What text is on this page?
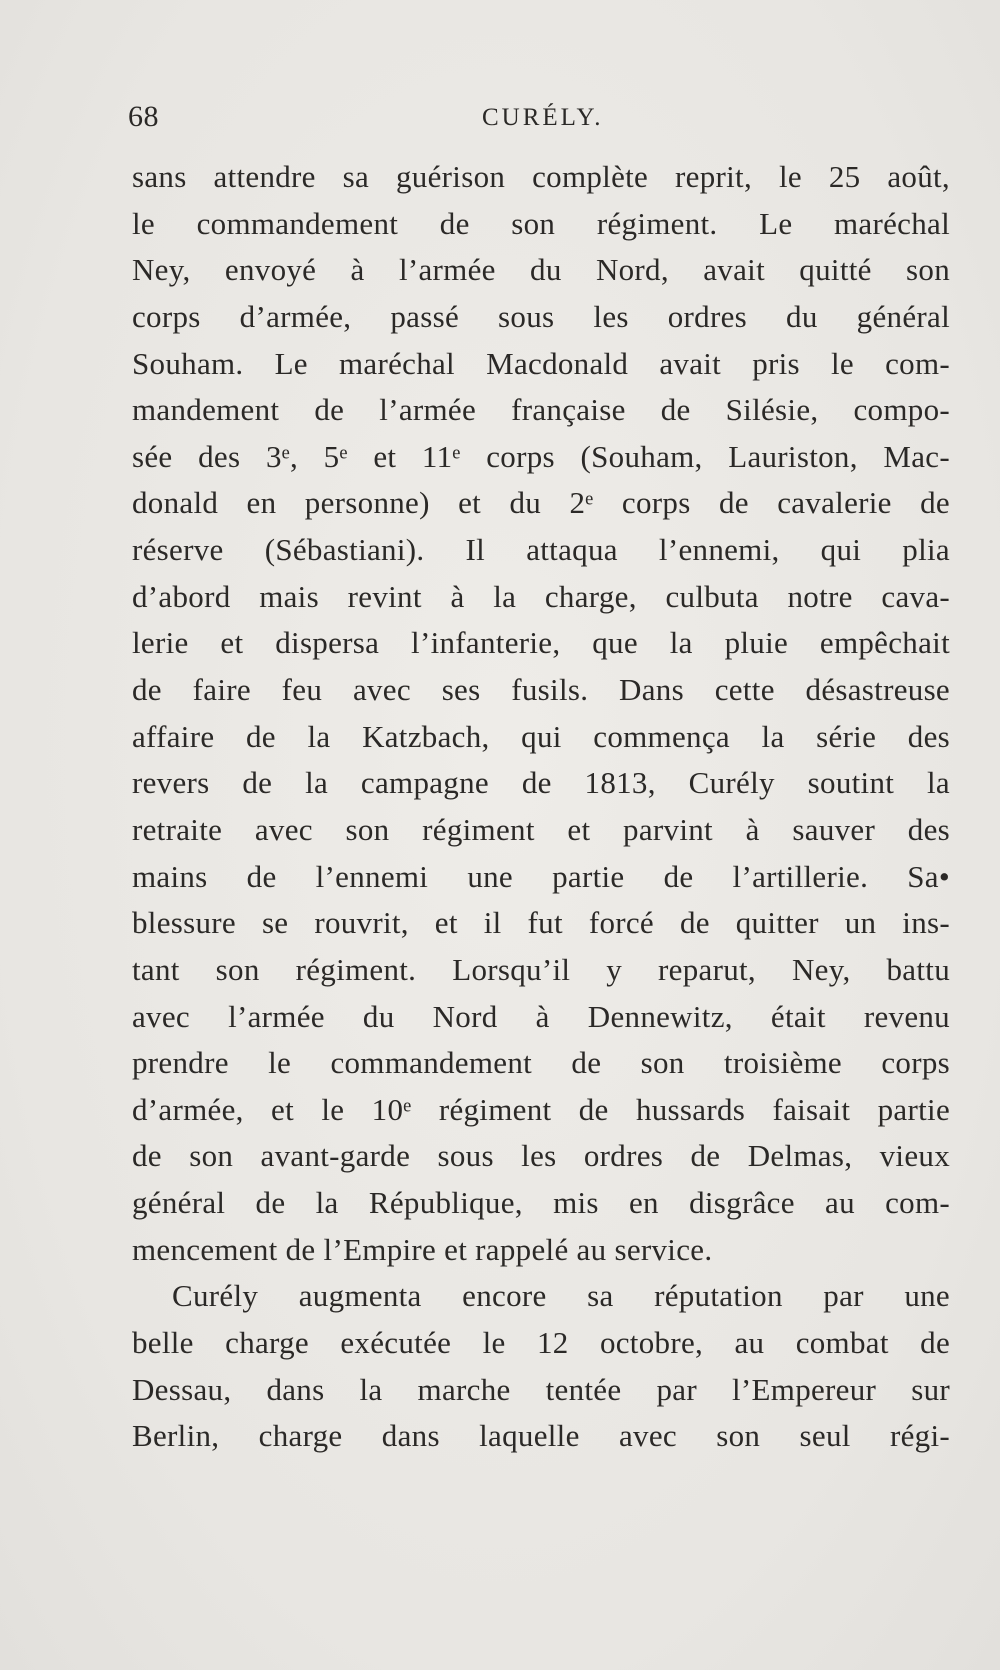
68	CURÉLY.
sans attendre sa guérison complète reprit, le 25 août,
le commandement de son régiment. Le maréchal
Ney, envoyé à l’armée du Nord, avait quitté son
corps d’armée, passé sous les ordres du général
Souham. Le maréchal Macdonald avait pris le com-
mandement de l’armée française de Silésie, compo-
sée des 3ᵉ, 5ᵉ et 11ᵉ corps (Souham, Lauriston, Mac-
donald en personne) et du 2ᵉ corps de cavalerie de
réserve (Sébastiani). Il attaqua l’ennemi, qui plia
d’abord mais revint à la charge, culbuta notre cava-
lerie et dispersa l’infanterie, que la pluie empêchait
de faire feu avec ses fusils. Dans cette désastreuse
affaire de la Katzbach, qui commença la série des
revers de la campagne de 1813, Curély soutint la
retraite avec son régiment et parvint à sauver des
mains de l’ennemi une partie de l’artillerie. Sa•
blessure se rouvrit, et il fut forcé de quitter un ins-
tant son régiment. Lorsqu’il y reparut, Ney, battu
avec l’armée du Nord à Dennewitz, était revenu
prendre le commandement de son troisième corps
d’armée, et le 10ᵉ régiment de hussards faisait partie
de son avant-garde sous les ordres de Delmas, vieux
général de la République, mis en disgrâce au com-
mencement de l’Empire et rappelé au service.
Curély augmenta encore sa réputation par une
belle charge exécutée le 12 octobre, au combat de
Dessau, dans la marche tentée par l’Empereur sur
Berlin, charge dans laquelle avec son seul régi-
